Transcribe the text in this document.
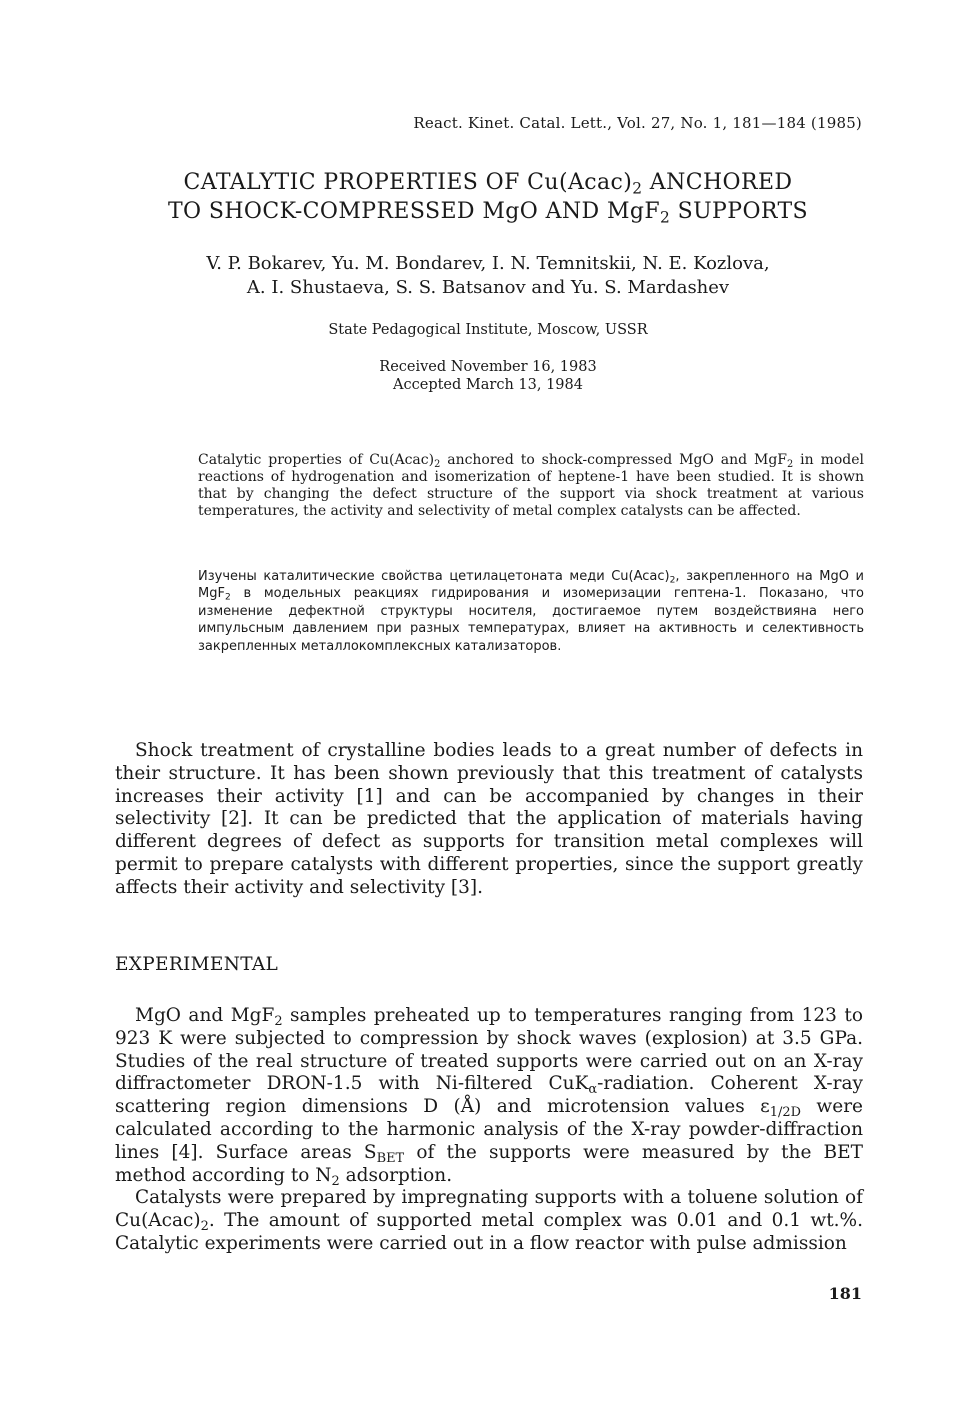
React. Kinet. Catal. Lett., Vol. 27, No. 1, 181—184 (1985)
CATALYTIC PROPERTIES OF $Cu(Acac)_2$ ANCHORED
TO SHOCK-COMPRESSED MgO AND MgF$_2$ SUPPORTS
V. P. Bokarev, Yu. M. Bondarev, I. N. Temnitskii, N. E. Kozlova,
A. I. Shustaeva, S. S. Batsanov and Yu. S. Mardashev
State Pedagogical Institute, Moscow, USSR
Received November 16, 1983
Accepted March 13, 1984
Catalytic properties of $Cu(Acac)_2$ anchored to shock-compressed MgO and MgF$_2$ in model reactions of hydrogenation and isomerization of heptene-1 have been studied. It is shown that by changing the defect structure of the support via shock treatment at various temperatures, the activity and selectivity of metal complex catalysts can be affected.
Изучены каталитические свойства цетилацетоната меди $Cu(Acac)_2$, закрепленного на MgO и MgF$_2$ в модельных реакциях гидрирования и изомеризации гептена-1. Показано, что изменение дефектной структуры носителя, достигаемое путем воздействияна него импульсным давлением при разных температурах, влияет на активность и селективность закрепленных металлокомплексных катализаторов.
Shock treatment of crystalline bodies leads to a great number of defects in their structure. It has been shown previously that this treatment of catalysts increases their activity [1] and can be accompanied by changes in their selectivity [2]. It can be predicted that the application of materials having different degrees of defect as supports for transition metal complexes will permit to prepare catalysts with different properties, since the support greatly affects their activity and selectivity [3].
EXPERIMENTAL
MgO and MgF$_2$ samples preheated up to temperatures ranging from 123 to 923 K were subjected to compression by shock waves (explosion) at 3.5 GPa. Studies of the real structure of treated supports were carried out on an X-ray diffractometer DRON-1.5 with Ni-filtered CuK$_\alpha$-radiation. Coherent X-ray scattering region dimensions D (Å) and microtension values $\varepsilon_{1/2D}$ were calculated according to the harmonic analysis of the X-ray powder-diffraction lines [4]. Surface areas $S_{BET}$ of the supports were measured by the BET method according to $N_2$ adsorption.
Catalysts were prepared by impregnating supports with a toluene solution of $Cu(Acac)_2$. The amount of supported metal complex was 0.01 and 0.1 wt.%. Catalytic experiments were carried out in a flow reactor with pulse admission
181
